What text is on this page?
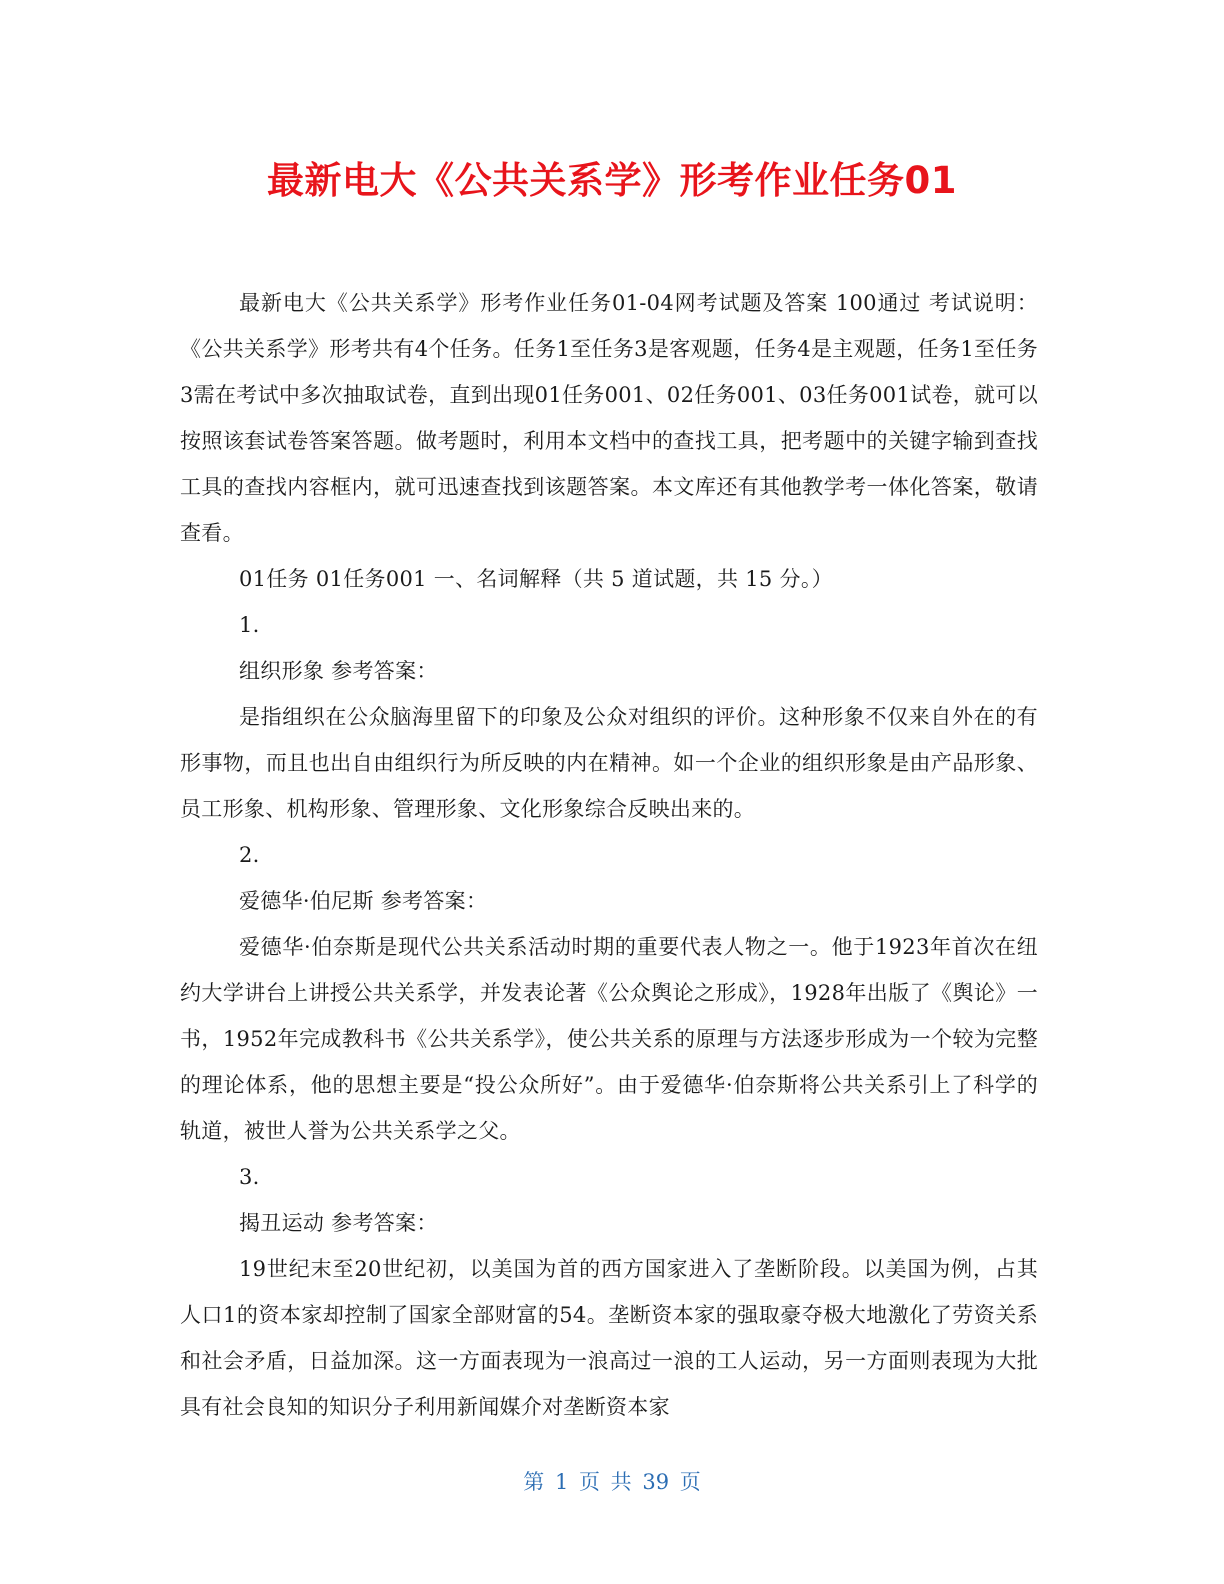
最新电大《公共关系学》形考作业任务01

最新电大《公共关系学》形考作业任务01-04网考试题及答案 100通过 考试说明：《公共关系学》形考共有4个任务。任务1至任务3是客观题，任务4是主观题，任务1至任务3需在考试中多次抽取试卷，直到出现01任务001、02任务001、03任务001试卷，就可以按照该套试卷答案答题。做考题时，利用本文档中的查找工具，把考题中的关键字输到查找工具的查找内容框内，就可迅速查找到该题答案。本文库还有其他教学考一体化答案，敬请查看。

01任务 01任务001 一、名词解释（共 5 道试题，共 15 分。）

1.

组织形象 参考答案：

是指组织在公众脑海里留下的印象及公众对组织的评价。这种形象不仅来自外在的有形事物，而且也出自由组织行为所反映的内在精神。如一个企业的组织形象是由产品形象、员工形象、机构形象、管理形象、文化形象综合反映出来的。

2.

爱德华·伯尼斯 参考答案：

爱德华·伯奈斯是现代公共关系活动时期的重要代表人物之一。他于1923年首次在纽约大学讲台上讲授公共关系学，并发表论著《公众舆论之形成》，1928年出版了《舆论》一书，1952年完成教科书《公共关系学》，使公共关系的原理与方法逐步形成为一个较为完整的理论体系，他的思想主要是“投公众所好”。由于爱德华·伯奈斯将公共关系引上了科学的轨道，被世人誉为公共关系学之父。

3.

揭丑运动 参考答案：

19世纪末至20世纪初，以美国为首的西方国家进入了垄断阶段。以美国为例，占其人口1的资本家却控制了国家全部财富的54。垄断资本家的强取豪夺极大地激化了劳资关系和社会矛盾，日益加深。这一方面表现为一浪高过一浪的工人运动，另一方面则表现为大批具有社会良知的知识分子利用新闻媒介对垄断资本家

第 1 页 共 39 页
